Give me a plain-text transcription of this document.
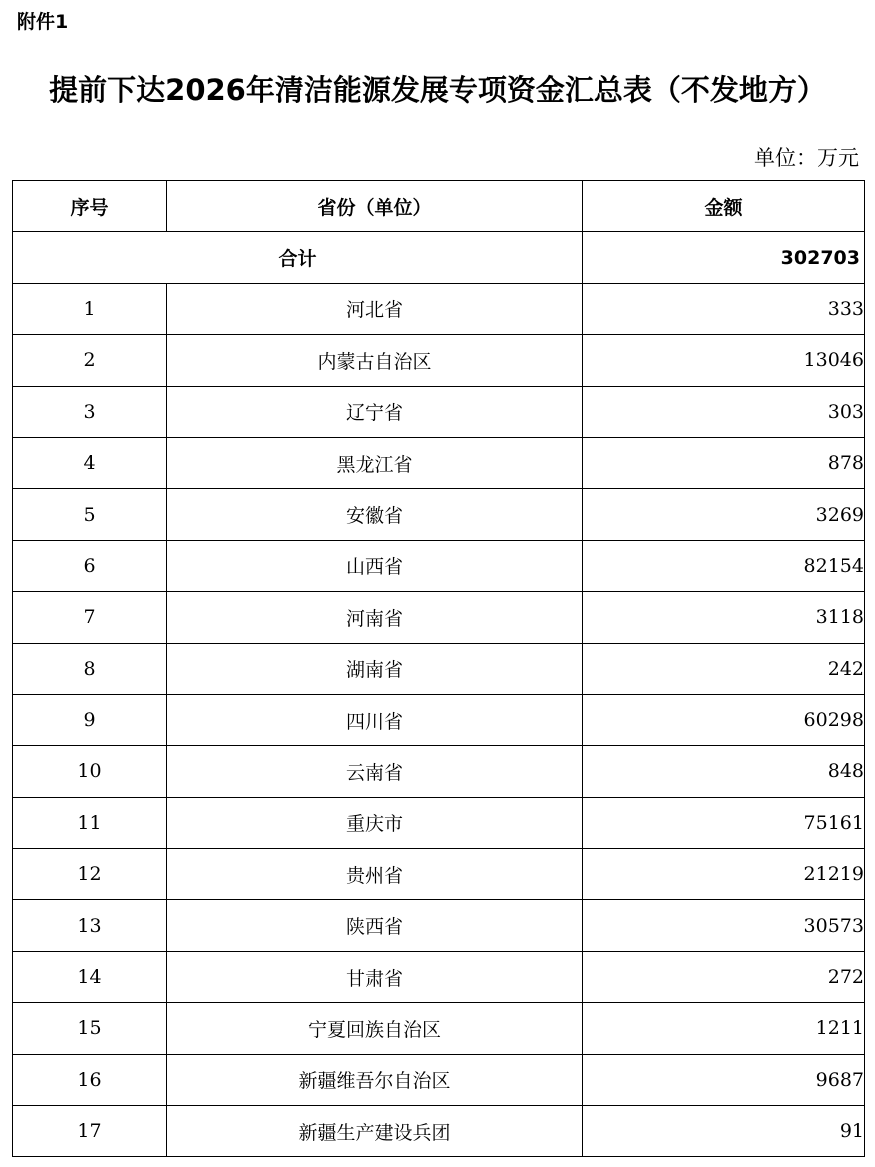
附件1
提前下达2026年清洁能源发展专项资金汇总表（不发地方）
单位：万元
序号	省份（单位）	金额
合计		302703
1	河北省	333
2	内蒙古自治区	13046
3	辽宁省	303
4	黑龙江省	878
5	安徽省	3269
6	山西省	82154
7	河南省	3118
8	湖南省	242
9	四川省	60298
10	云南省	848
11	重庆市	75161
12	贵州省	21219
13	陕西省	30573
14	甘肃省	272
15	宁夏回族自治区	1211
16	新疆维吾尔自治区	9687
17	新疆生产建设兵团	91
